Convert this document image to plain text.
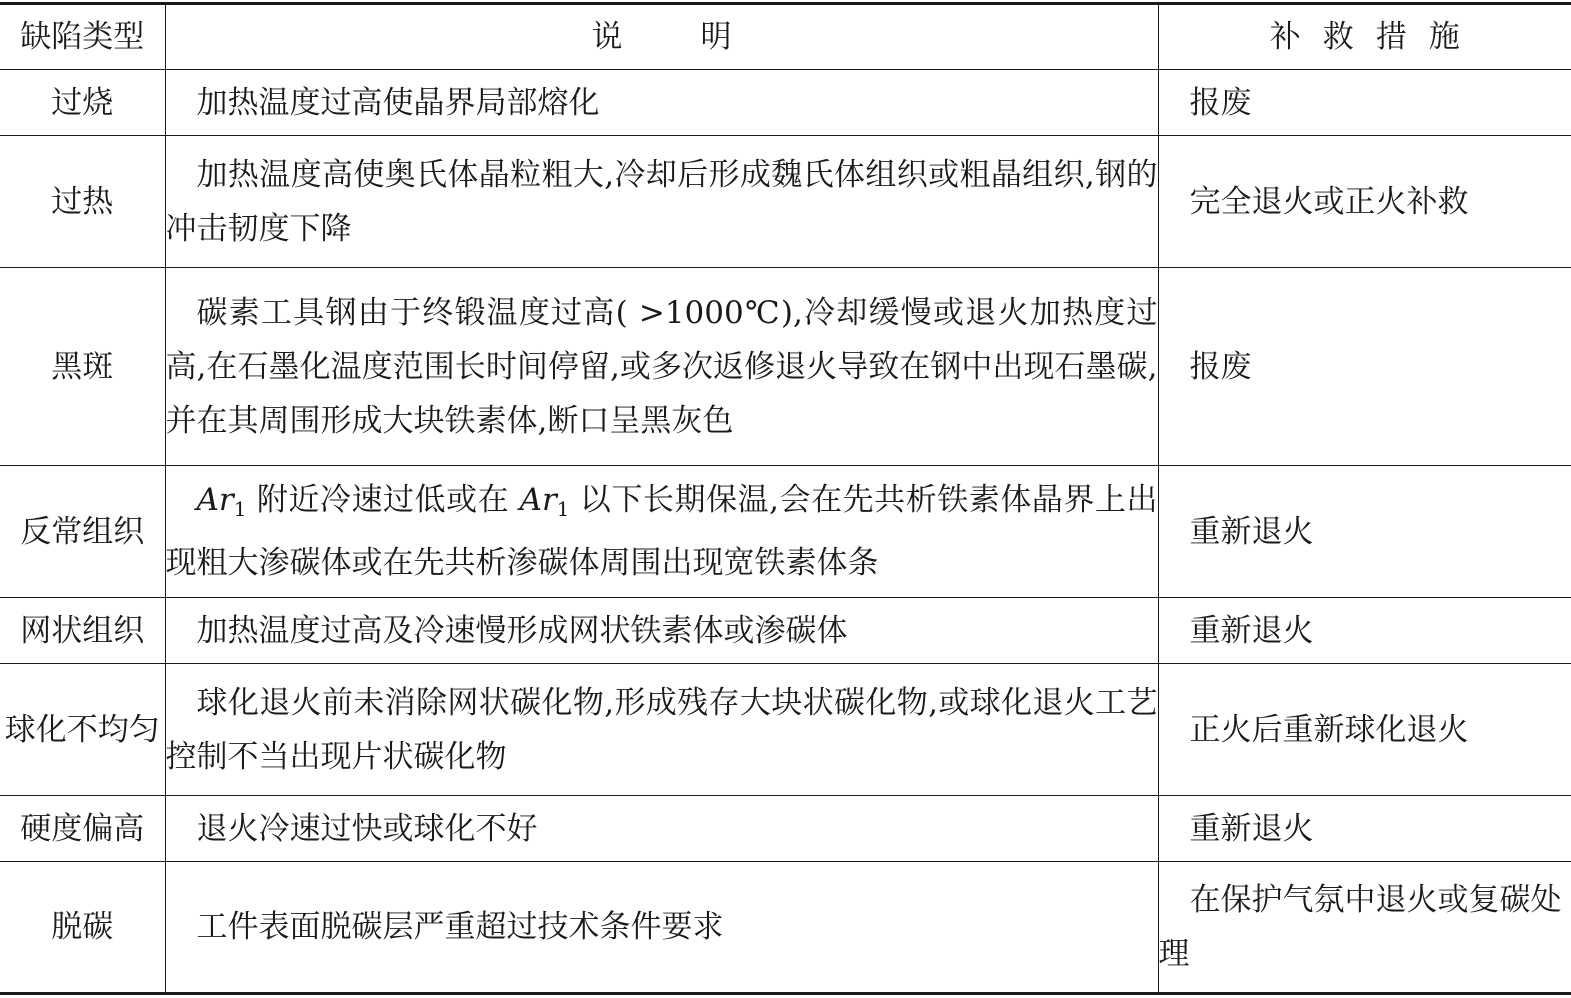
缺陷类型	说明	补救措施
过烧	加热温度过高使晶界局部熔化	报废
过热	加热温度高使奥氏体晶粒粗大,冷却后形成魏氏体组织或粗晶组织,钢的冲击韧度下降	完全退火或正火补救
黑斑	碳素工具钢由于终锻温度过高( >1000℃),冷却缓慢或退火加热度过高,在石墨化温度范围长时间停留,或多次返修退火导致在钢中出现石墨碳,并在其周围形成大块铁素体,断口呈黑灰色	报废
反常组织	$Ar_1$ 附近冷速过低或在 $Ar_1$ 以下长期保温,会在先共析铁素体晶界上出现粗大渗碳体或在先共析渗碳体周围出现宽铁素体条	重新退火
网状组织	加热温度过高及冷速慢形成网状铁素体或渗碳体	重新退火
球化不均匀	球化退火前未消除网状碳化物,形成残存大块状碳化物,或球化退火工艺控制不当出现片状碳化物	正火后重新球化退火
硬度偏高	退火冷速过快或球化不好	重新退火
脱碳	工件表面脱碳层严重超过技术条件要求	在保护气氛中退火或复碳处理
